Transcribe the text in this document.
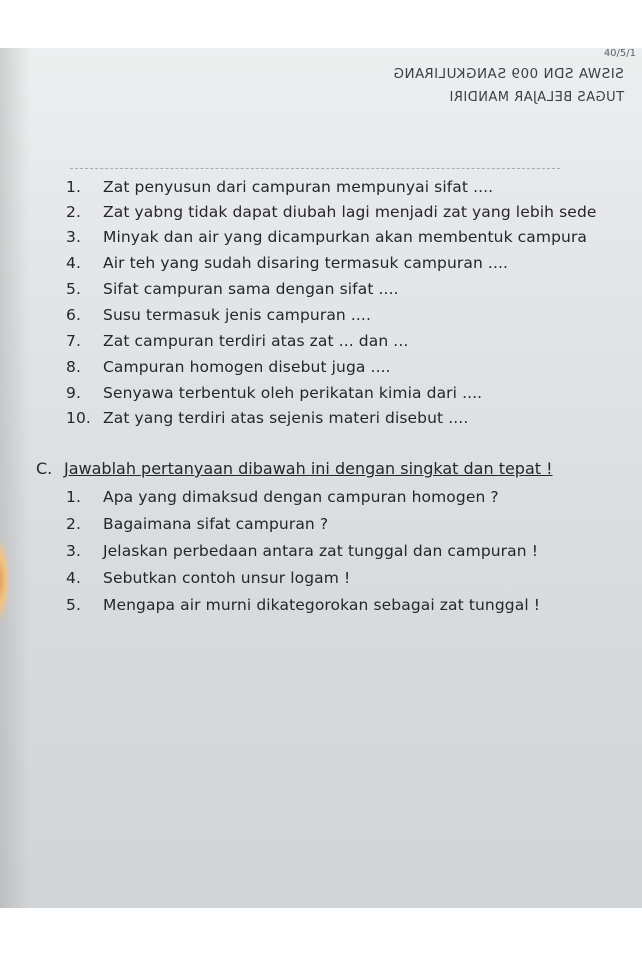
40/5/1
SISWA SDN 009 SANGKULIRANG
TUGAS BELAJAR MANDIRI
1. Zat penyusun dari campuran mempunyai sifat ....
2. Zat yabng tidak dapat diubah lagi menjadi zat yang lebih sede
3. Minyak dan air yang dicampurkan akan membentuk campura
4. Air teh yang sudah disaring termasuk campuran ....
5. Sifat campuran sama dengan sifat ....
6. Susu termasuk jenis campuran ....
7. Zat campuran terdiri atas zat ... dan ...
8. Campuran homogen disebut juga ....
9. Senyawa terbentuk oleh perikatan kimia dari ....
10. Zat yang terdiri atas sejenis materi disebut ....
C. Jawablah pertanyaan dibawah ini dengan singkat dan tepat !
1. Apa yang dimaksud dengan campuran homogen ?
2. Bagaimana sifat campuran ?
3. Jelaskan perbedaan antara zat tunggal dan campuran !
4. Sebutkan contoh unsur logam !
5. Mengapa air murni dikategorokan sebagai zat tunggal !
